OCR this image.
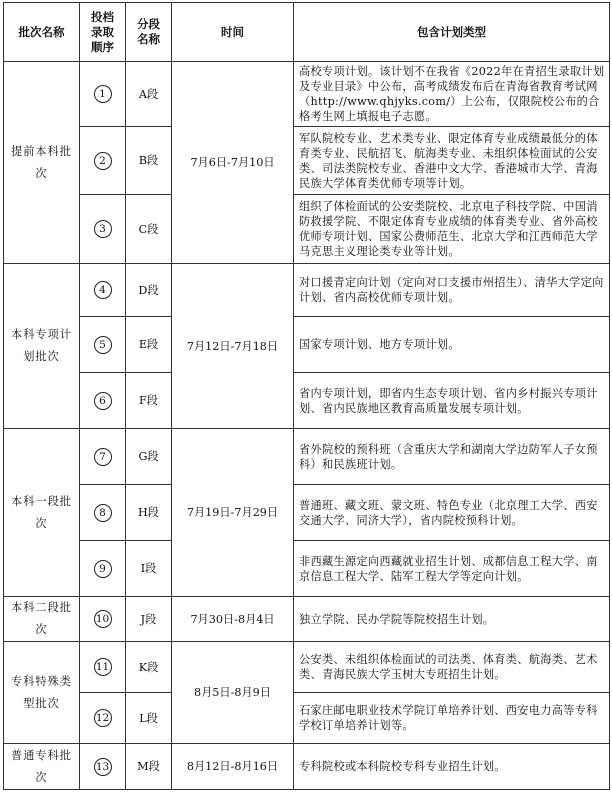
批次名称	投档录取顺序	分段名称	时间	包含计划类型
提前本科批次	1	A段	7月6日-7月10日	高校专项计划。该计划不在我省《2022年在青招生录取计划及专业目录》中公布，高考成绩发布后在青海省教育考试网（http://www.qhjyks.com/）上公布，仅限院校公布的合格考生网上填报电子志愿。
	2	B段		军队院校专业、艺术类专业、限定体育专业成绩最低分的体育类专业、民航招飞、航海类专业、未组织体检面试的公安类、司法类院校专业、香港中文大学、香港城市大学、青海民族大学体育类优师专项等计划。
	3	C段		组织了体检面试的公安类院校、北京电子科技学院、中国消防救援学院、不限定体育专业成绩的体育类专业、省外高校优师专项计划、国家公费师范生、北京大学和江西师范大学马克思主义理论类专业等计划。
本科专项计划批次	4	D段	7月12日-7月18日	对口援青定向计划（定向对口支援市州招生）、清华大学定向计划、省内高校优师专项计划。
	5	E段		国家专项计划、地方专项计划。
	6	F段		省内专项计划，即省内生态专项计划、省内乡村振兴专项计划、省内民族地区教育高质量发展专项计划。
本科一段批次	7	G段	7月19日-7月29日	省外院校的预科班（含重庆大学和湖南大学边防军人子女预科）和民族班计划。
	8	H段		普通班、藏文班、蒙文班、特色专业（北京理工大学、西安交通大学、同济大学），省内院校预科计划。
	9	I段		非西藏生源定向西藏就业招生计划、成都信息工程大学、南京信息工程大学、陆军工程大学等定向计划。
本科二段批次	10	J段	7月30日-8月4日	独立学院、民办学院等院校招生计划。
专科特殊类型批次	11	K段	8月5日-8月9日	公安类、未组织体检面试的司法类、体育类、航海类、艺术类、青海民族大学玉树大专班招生计划。
	12	L段		石家庄邮电职业技术学院订单培养计划、西安电力高等专科学校订单培养计划等。
普通专科批次	13	M段	8月12日-8月16日	专科院校或本科院校专科专业招生计划。
